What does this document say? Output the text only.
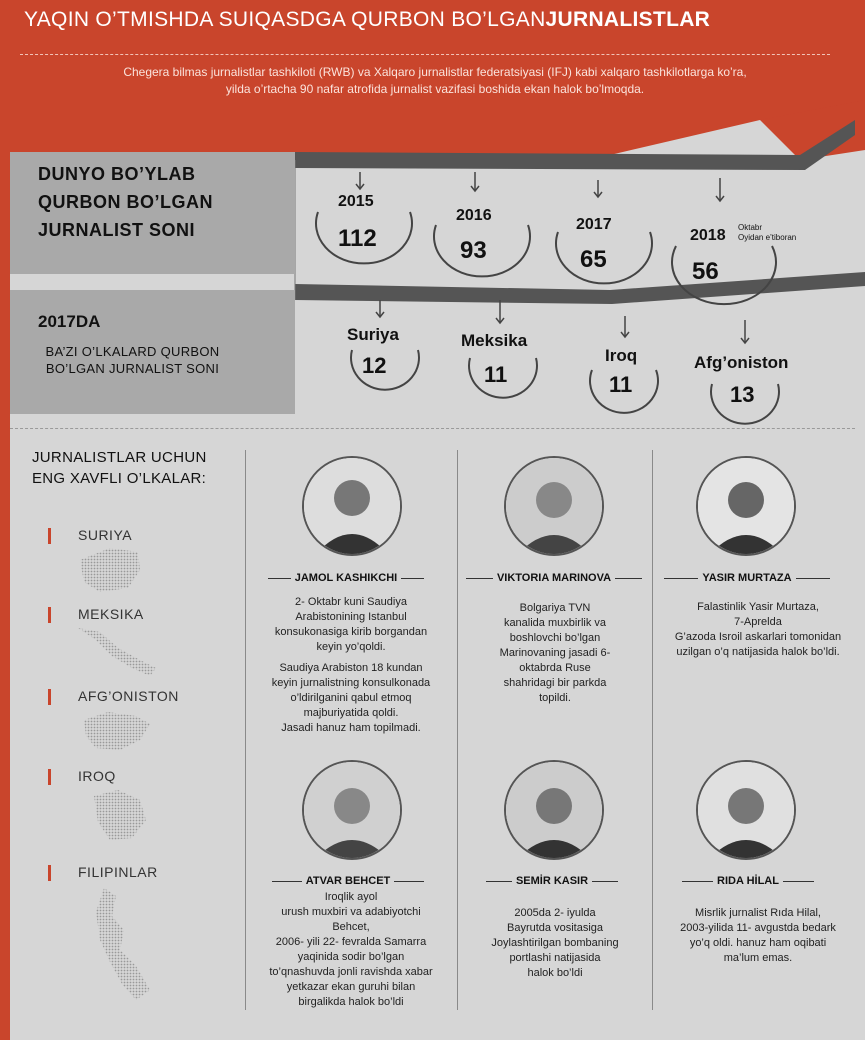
YAQIN O’TMISHDA SUIQASDGA QURBON BO’LGANJURNALISTLAR
Chegera bilmas jurnalistlar tashkiloti (RWB) va Xalqaro jurnalistlar federatsiyasi (IFJ) kabi xalqaro tashkilotlarga ko’ra,
yilda o’rtacha 90 nafar atrofida jurnalist vazifasi boshida ekan halok bo’lmoqda.
DUNYO BO’YLAB
QURBON BO’LGAN
JURNALIST SONI
2015
112
2016
93
2017
65
2018 Oktabr
Oyidan e’tiboran
56
2017DA
BA’ZI O’LKALARD QURBON
BO’LGAN JURNALIST SONI
Suriya
12
Meksika
11
Iroq
11
Afg’oniston
13
JURNALISTLAR UCHUN
ENG XAVFLI O’LKALAR:
SURIYA
MEKSIKA
AFG’ONISTON
IROQ
FILIPINLAR
JAMOL KASHIKCHI	VIKTORIA MARINOVA	YASIR MURTAZA
ATVAR BEHCET	SEMİR KASIR	RIDA HİLAL
2- Oktabr kuni Saudiya
Arabistonining Istanbul
konsukonasiga kirib borgandan
keyin yo’qoldi.
Saudiya Arabiston 18 kundan
keyin jurnalistning konsulkonada
o’ldirilganini qabul etmoq
majburiyatida qoldi.
Jasadi hanuz ham topilmadi.
Bolgariya TVN
kanalida muxbirlik va
boshlovchi bo’lgan
Marinovaning jasadi 6-
oktabrda Ruse
shahridagi bir parkda
topildi.
Falastinlik Yasir Murtaza,
7-Aprelda
G’azoda Isroil askarlari tomonidan
uzilgan o’q natijasida halok bo’ldi.
Iroqlik ayol
urush muxbiri va adabiyotchi
Behcet,
2006- yili 22- fevralda Samarra
yaqinida sodir bo’lgan
to’qnashuvda jonli ravishda xabar
yetkazar ekan guruhi bilan
birgalikda halok bo’ldi
2005da 2- iyulda
Bayrutda vositasiga
Joylashtirilgan bombaning
portlashi natijasida
halok bo’ldi
Misrlik jurnalist Rıda Hilal,
2003-yilida 11- avgustda bedark
yo’q oldi. hanuz ham oqibati
ma’lum emas.
